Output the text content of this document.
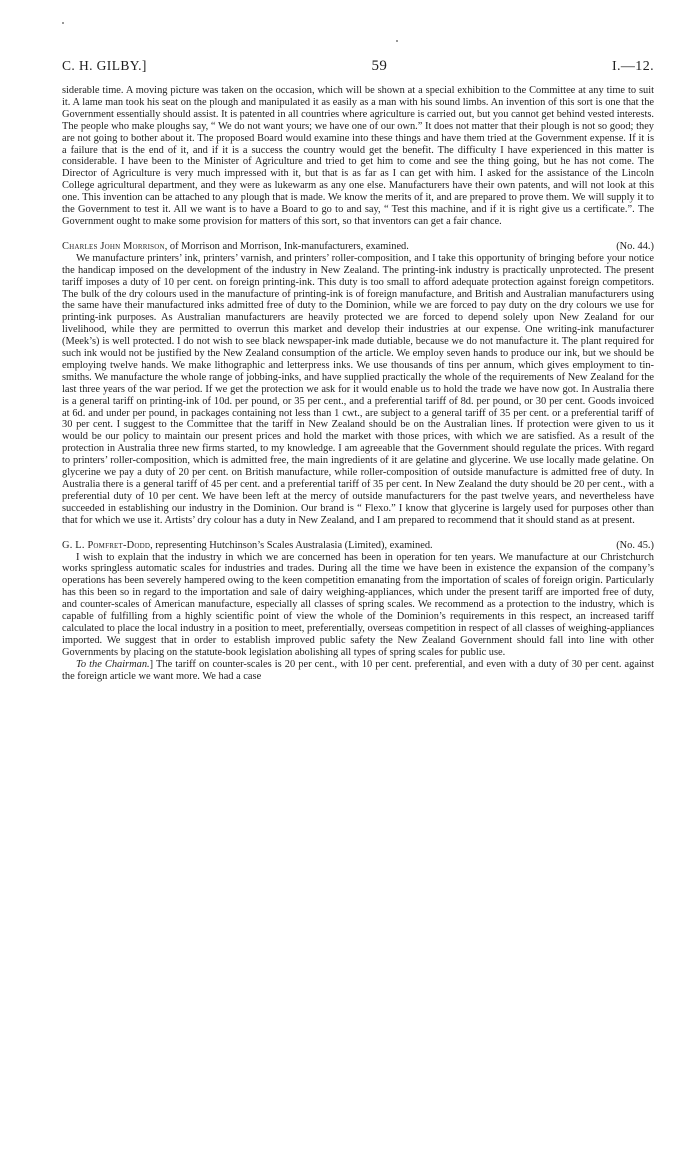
C. H. GILBY.]	59	I.—12.

siderable time. A moving picture was taken on the occasion, which will be shown at a special exhibition to the Committee at any time to suit it. A lame man took his seat on the plough and manipulated it as easily as a man with his sound limbs. An invention of this sort is one that the Government essentially should assist. It is patented in all countries where agriculture is carried out, but you cannot get behind vested interests. The people who make ploughs say, “ We do not want yours; we have one of our own.” It does not matter that their plough is not so good; they are not going to bother about it. The proposed Board would examine into these things and have them tried at the Government expense. If it is a failure that is the end of it, and if it is a success the country would get the benefit. The difficulty I have experienced in this matter is considerable. I have been to the Minister of Agriculture and tried to get him to come and see the thing going, but he has not come. The Director of Agriculture is very much impressed with it, but that is as far as I can get with him. I asked for the assistance of the Lincoln College agricultural department, and they were as lukewarm as any one else. Manufacturers have their own patents, and will not look at this one. This invention can be attached to any plough that is made. We know the merits of it, and are prepared to prove them. We will supply it to the Government to test it. All we want is to have a Board to go to and say, “ Test this machine, and if it is right give us a certificate.”. The Government ought to make some provision for matters of this sort, so that inventors can get a fair chance.

Charles John Morrison, of Morrison and Morrison, Ink-manufacturers, examined.	(No. 44.)

We manufacture printers’ ink, printers’ varnish, and printers’ roller-composition, and I take this opportunity of bringing before your notice the handicap imposed on the development of the industry in New Zealand. The printing-ink industry is practically unprotected. The present tariff imposes a duty of 10 per cent. on foreign printing-ink. This duty is too small to afford adequate protection against foreign competitors. The bulk of the dry colours used in the manufacture of printing-ink is of foreign manufacture, and British and Australian manufacturers using the same have their manufactured inks admitted free of duty to the Dominion, while we are forced to pay duty on the dry colours we use for printing-ink purposes. As Australian manufacturers are heavily protected we are forced to depend solely upon New Zealand for our livelihood, while they are permitted to overrun this market and develop their industries at our expense. One writing-ink manufacturer (Meek’s) is well protected. I do not wish to see black newspaper-ink made dutiable, because we do not manufacture it. The plant required for such ink would not be justified by the New Zealand consumption of the article. We employ seven hands to produce our ink, but we should be employing twelve hands. We make lithographic and letterpress inks. We use thousands of tins per annum, which gives employment to tin-smiths. We manufacture the whole range of jobbing-inks, and have supplied practically the whole of the requirements of New Zealand for the last three years of the war period. If we get the protection we ask for it would enable us to hold the trade we have now got. In Australia there is a general tariff on printing-ink of 10d. per pound, or 35 per cent., and a preferential tariff of 8d. per pound, or 30 per cent. Goods invoiced at 6d. and under per pound, in packages containing not less than 1 cwt., are subject to a general tariff of 35 per cent. or a preferential tariff of 30 per cent. I suggest to the Committee that the tariff in New Zealand should be on the Australian lines. If protection were given to us it would be our policy to maintain our present prices and hold the market with those prices, with which we are satisfied. As a result of the protection in Australia three new firms started, to my knowledge. I am agreeable that the Government should regulate the prices. With regard to printers’ roller-composition, which is admitted free, the main ingredients of it are gelatine and glycerine. We use locally made gelatine. On glycerine we pay a duty of 20 per cent. on British manufacture, while roller-composition of outside manufacture is admitted free of duty. In Australia there is a general tariff of 45 per cent. and a preferential tariff of 35 per cent. In New Zealand the duty should be 20 per cent., with a preferential duty of 10 per cent. We have been left at the mercy of outside manufacturers for the past twelve years, and nevertheless have succeeded in establishing our industry in the Dominion. Our brand is “ Flexo.” I know that glycerine is largely used for purposes other than that for which we use it. Artists’ dry colour has a duty in New Zealand, and I am prepared to recommend that it should stand as at present.

G. L. Pomfret-Dodd, representing Hutchinson’s Scales Australasia (Limited), examined.	(No. 45.)

I wish to explain that the industry in which we are concerned has been in operation for ten years. We manufacture at our Christchurch works springless automatic scales for industries and trades. During all the time we have been in existence the expansion of the company’s operations has been severely hampered owing to the keen competition emanating from the importation of scales of foreign origin. Particularly has this been so in regard to the importation and sale of dairy weighing-appliances, which under the present tariff are imported free of duty, and counter-scales of American manufacture, especially all classes of spring scales. We recommend as a protection to the industry, which is capable of fulfilling from a highly scientific point of view the whole of the Dominion’s requirements in this respect, an increased tariff calculated to place the local industry in a position to meet, preferentially, overseas competition in respect of all classes of weighing-appliances imported. We suggest that in order to establish improved public safety the New Zealand Government should fall into line with other Governments by placing on the statute-book legislation abolishing all types of spring scales for public use.

To the Chairman.] The tariff on counter-scales is 20 per cent., with 10 per cent. preferential, and even with a duty of 30 per cent. against the foreign article we want more. We had a case
